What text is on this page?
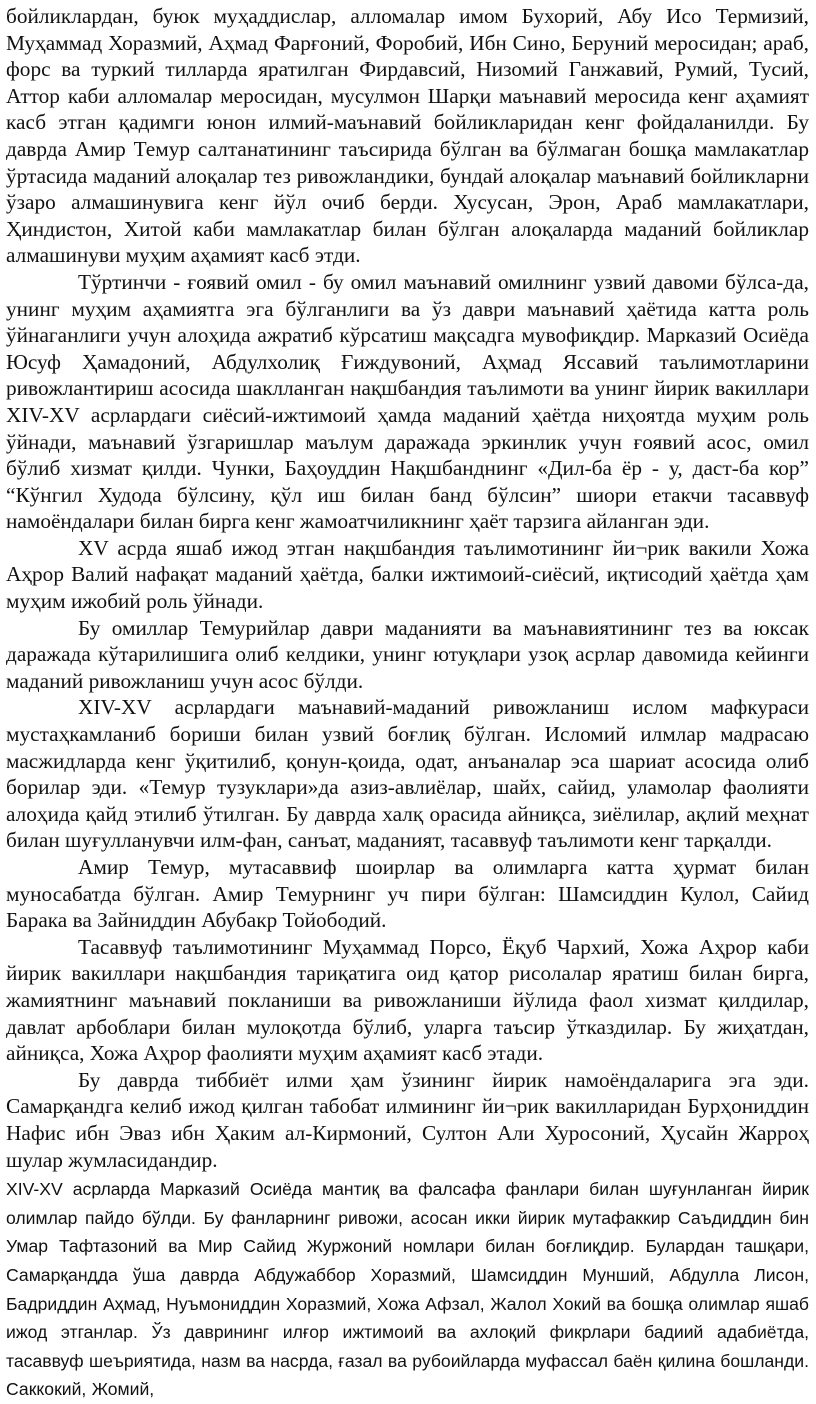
бойликлардан, буюк муҳаддислар, алломалар имом Бухорий, Абу Исо Термизий, Муҳаммад Хоразмий, Аҳмад Фарғоний, Форобий, Ибн Сино, Беруний меросидан; араб, форс ва туркий тилларда яратилган Фирдавсий, Низомий Ганжавий, Румий, Тусий, Аттор каби алломалар меросидан, мусулмон Шарқи маънавий меросида кенг аҳамият касб этган қадимги юнон илмий-маънавий бойликларидан кенг фойдаланилди. Бу даврда Амир Темур салтанатининг таъсирида бўлган ва бўлмаган бошқа мамлакатлар ўртасида маданий алоқалар тез ривожландики, бундай алоқалар маънавий бойликларни ўзаро алмашинувига кенг йўл очиб берди. Хусусан, Эрон, Араб мамлакатлари, Ҳиндистон, Хитой каби мамлакатлар билан бўлган алоқаларда маданий бойликлар алмашинуви муҳим аҳамият касб этди.

Тўртинчи - ғоявий омил - бу омил маънавий омилнинг узвий давоми бўлса-да, унинг муҳим аҳамиятга эга бўлганлиги ва ўз даври маънавий ҳаётида катта роль ўйнаганлиги учун алоҳида ажратиб кўрсатиш мақсадга мувофиқдир. Марказий Осиёда Юсуф Ҳамадоний, Абдулхолиқ Ғиждувоний, Аҳмад Яссавий таълимотларини ривожлантириш асосида шаклланган нақшбандия таълимоти ва унинг йирик вакиллари XIV-XV асрлардаги сиёсий-ижтимоий ҳамда маданий ҳаётда ниҳоятда муҳим роль ўйнади, маънавий ўзгаришлар маълум даражада эркинлик учун ғоявий асос, омил бўлиб хизмат қилди. Чунки, Баҳоуддин Нақшбанднинг «Дил-ба ёр - у, даст-ба кор” “Кўнгил Худода бўлсину, қўл иш билан банд бўлсин” шиори етакчи тасаввуф намоёндалари билан бирга кенг жамоатчиликнинг ҳаёт тарзига айланган эди.

XV асрда яшаб ижод этган нақшбандия таълимотининг йи¬рик вакили Хожа Аҳрор Валий нафақат маданий ҳаётда, балки ижтимоий-сиёсий, иқтисодий ҳаётда ҳам муҳим ижобий роль ўйнади.

Бу омиллар Темурийлар даври маданияти ва маънавиятининг тез ва юксак даражада кўтарилишига олиб келдики, унинг ютуқлари узоқ асрлар давомида кейинги маданий ривожланиш учун асос бўлди.

XIV-XV асрлардаги маънавий-маданий ривожланиш ислом мафкураси мустаҳкамланиб бориши билан узвий боғлиқ бўлган. Исломий илмлар мадрасаю масжидларда кенг ўқитилиб, қонун-қоида, одат, анъаналар эса шариат асосида олиб борилар эди. «Темур тузуклари»да азиз-авлиёлар, шайх, сайид, уламолар фаолияти алоҳида қайд этилиб ўтилган. Бу даврда халқ орасида айниқса, зиёлилар, ақлий меҳнат билан шуғулланувчи илм-фан, санъат, маданият, тасаввуф таълимоти кенг тарқалди.

Амир Темур, мутасаввиф шоирлар ва олимларга катта ҳурмат билан муносабатда бўлган. Амир Темурнинг уч пири бўлган: Шамсиддин Кулол, Сайид Барака ва Зайниддин Абубакр Тойободий.

Тасаввуф таълимотининг Муҳаммад Порсо, Ёқуб Чархий, Хожа Аҳрор каби йирик вакиллари нақшбандия тариқатига оид қатор рисолалар яратиш билан бирга, жамиятнинг маънавий покланиши ва ривожланиши йўлида фаол хизмат қилдилар, давлат арбоблари билан мулоқотда бўлиб, уларга таъсир ўтказдилар. Бу жиҳатдан, айниқса, Хожа Аҳрор фаолияти муҳим аҳамият касб этади.

Бу даврда тиббиёт илми ҳам ўзининг йирик намоёндаларига эга эди. Самарқандга келиб ижод қилган табобат илмининг йи¬рик вакилларидан Бурҳониддин Нафис ибн Эваз ибн Ҳаким ал-Кирмоний, Султон Али Хуросоний, Ҳусайн Жарроҳ шулар жумласидандир.

XIV-XV асрларда Марказий Осиёда мантиқ ва фалсафа фанлари билан шуғунланган йирик олимлар пайдо бўлди. Бу фанларнинг ривожи, асосан икки йирик мутафаккир Саъдиддин бин Умар Тафтазоний ва Мир Сайид Журжоний номлари билан боғлиқдир. Булардан ташқари, Самарқандда ўша даврда Абдужаббор Хоразмий, Шамсиддин Мунший, Абдулла Лисон, Бадриддин Аҳмад, Нуъмониддин Хоразмий, Хожа Афзал, Жалол Хокий ва бошқа олимлар яшаб ижод этганлар. Ўз даврининг илғор ижтимоий ва ахлоқий фикрлари бадиий адабиётда, тасаввуф шеъриятида, назм ва насрда, ғазал ва рубоийларда муфассал баён қилина бошланди. Саккокий, Жомий,
